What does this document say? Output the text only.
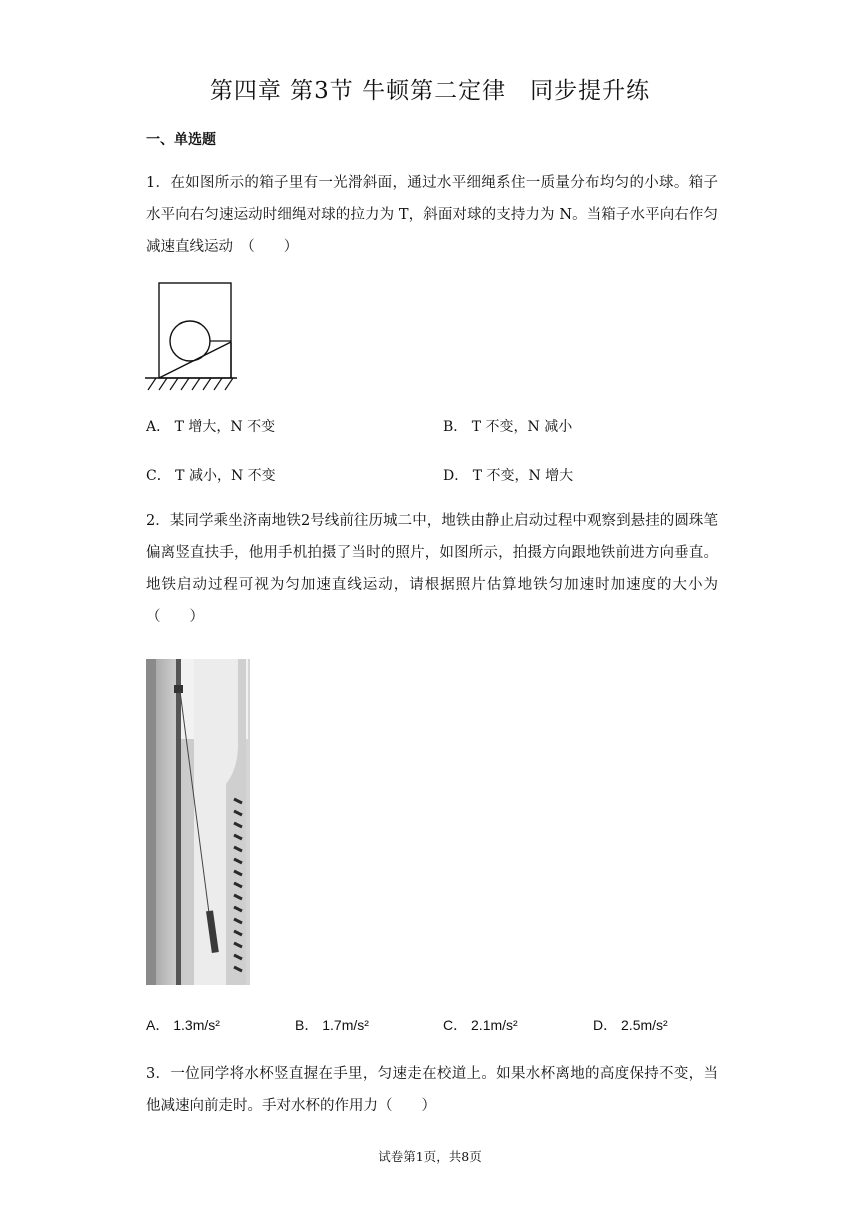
第四章 第3节 牛顿第二定律　同步提升练
一、单选题
1．在如图所示的箱子里有一光滑斜面，通过水平细绳系住一质量分布均匀的小球。箱子水平向右匀速运动时细绳对球的拉力为 T，斜面对球的支持力为 N。当箱子水平向右作匀减速直线运动　（　　）
A． T 增大，N 不变	B． T 不变，N 减小
C． T 减小，N 不变	D． T 不变，N 增大
2．某同学乘坐济南地铁2号线前往历城二中，地铁由静止启动过程中观察到悬挂的圆珠笔偏离竖直扶手，他用手机拍摄了当时的照片，如图所示，拍摄方向跟地铁前进方向垂直。地铁启动过程可视为匀加速直线运动，请根据照片估算地铁匀加速时加速度的大小为（　　）
A． 1.3m/s²	B． 1.7m/s²	C． 2.1m/s²	D． 2.5m/s²
3．一位同学将水杯竖直握在手里，匀速走在校道上。如果水杯离地的高度保持不变，当他减速向前走时。手对水杯的作用力（　　）
试卷第1页，共8页
